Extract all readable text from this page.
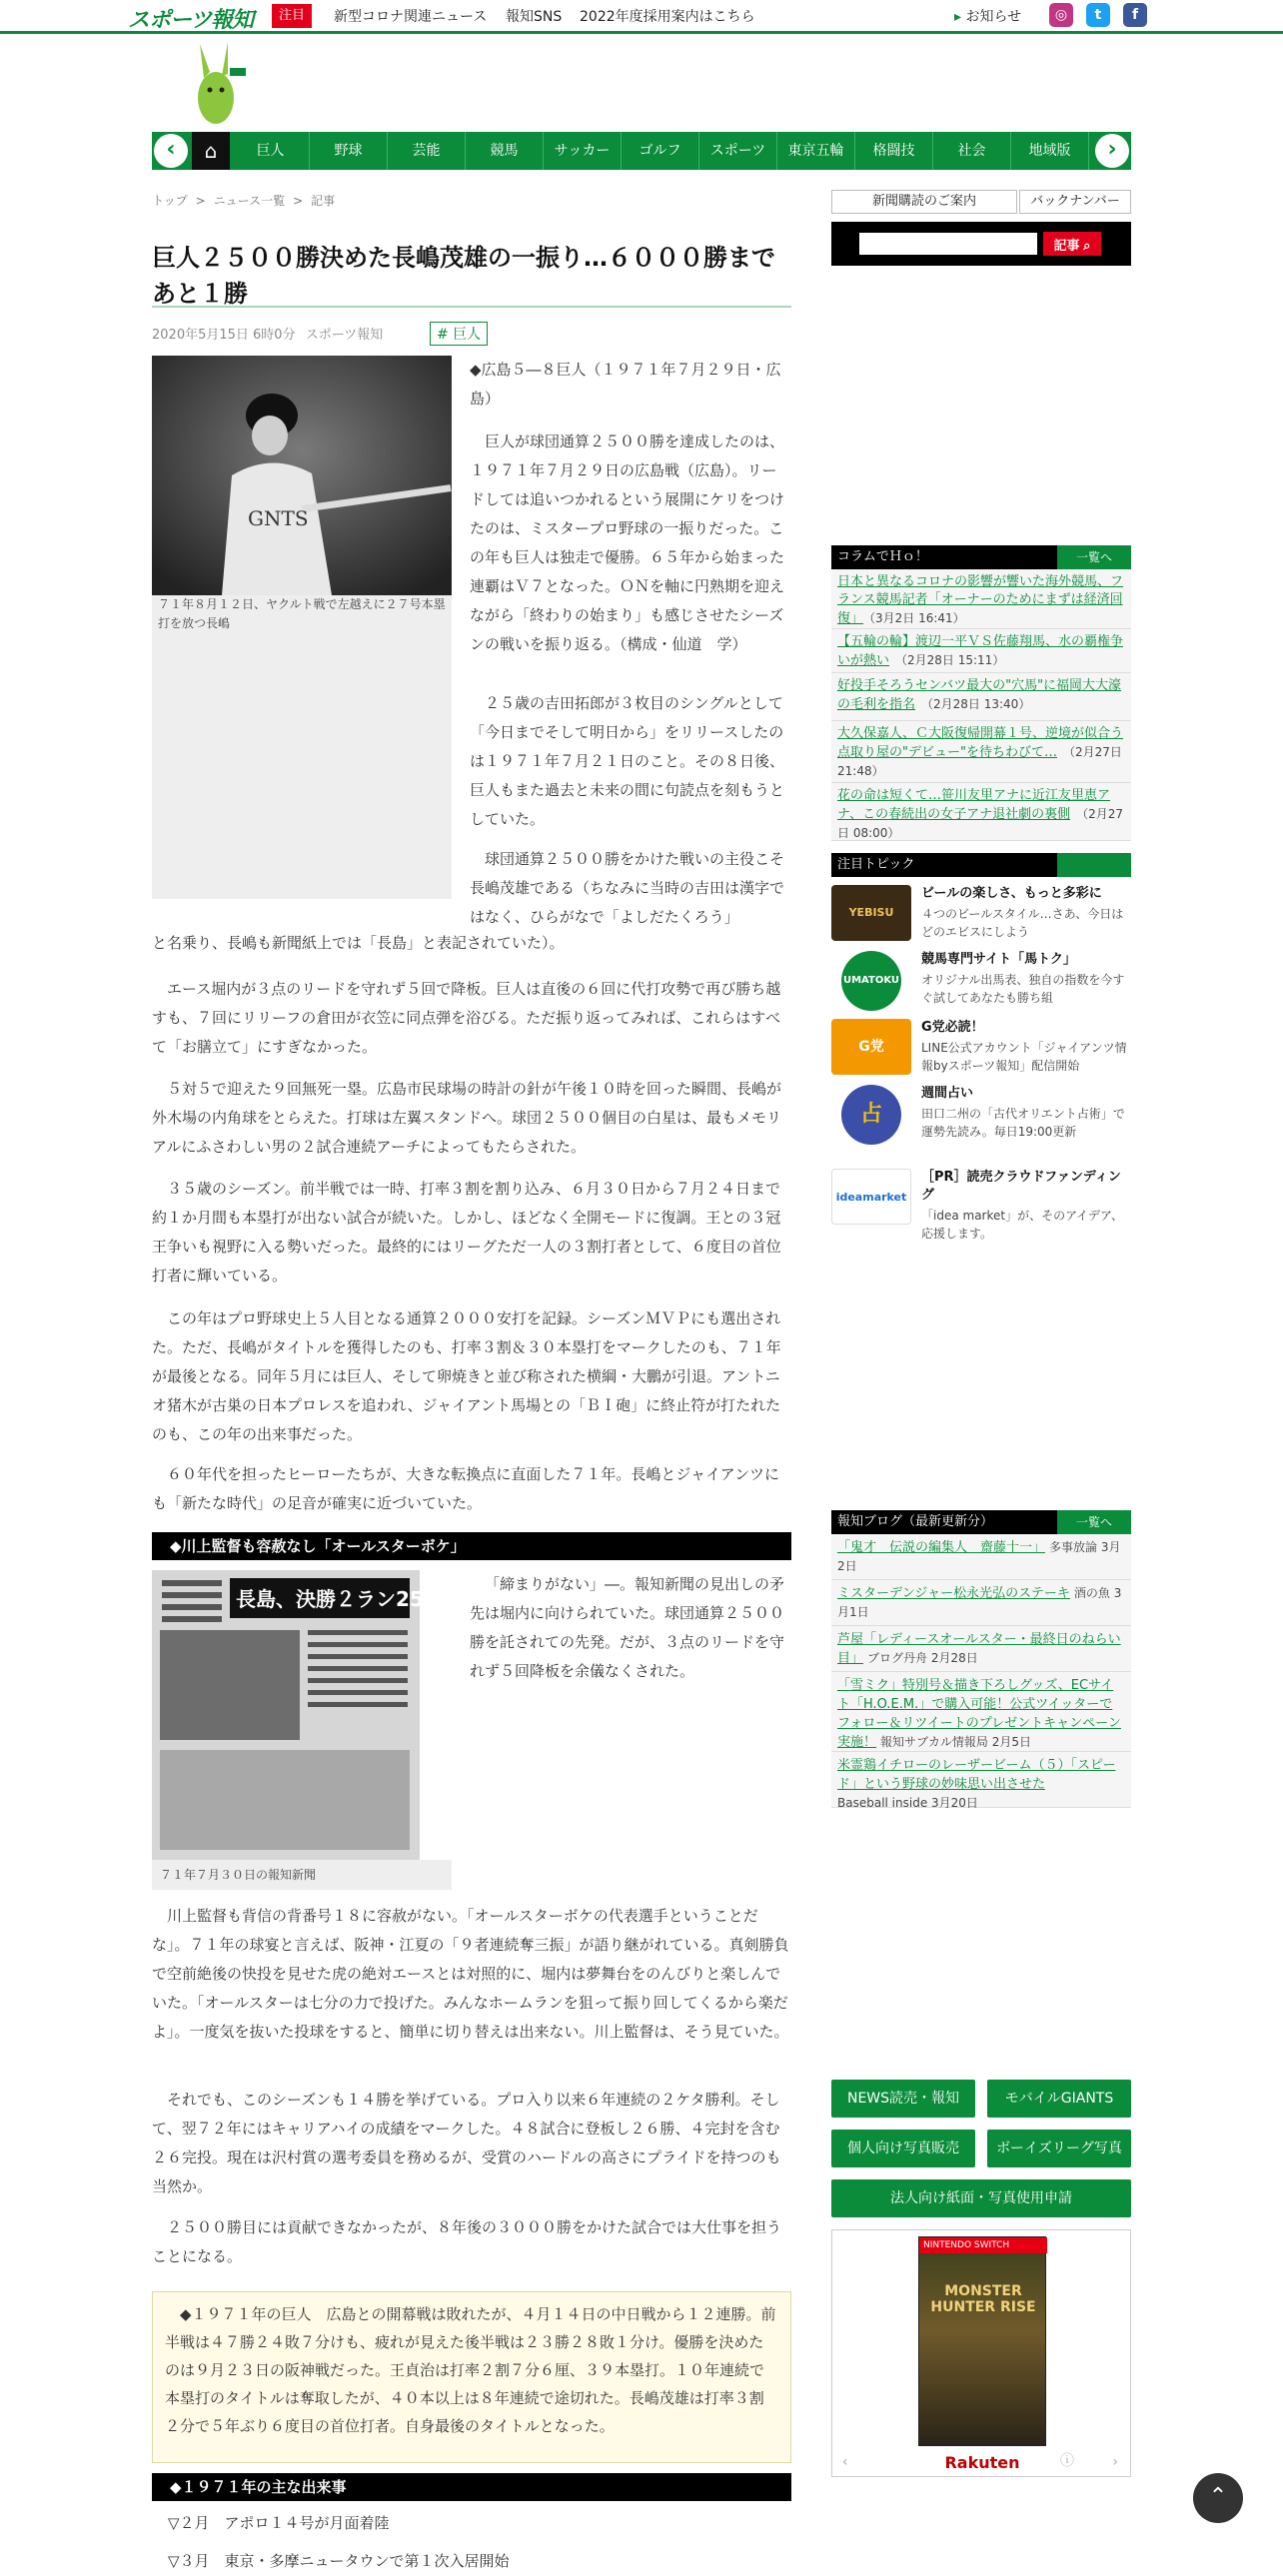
スポーツ報知	注目	新型コロナ関連ニュース 報知SNS 2022年度採用案内はこちら	▸ お知らせ	◎	t	f
‹	⌂	巨人	野球	芸能	競馬	サッカー	ゴルフ	スポーツ	東京五輪	格闘技	社会	地域版	›
トップ > ニュース一覧 > 記事
巨人２５００勝決めた長嶋茂雄の一振り…６０００勝まであと１勝
2020年5月15日 6時0分 スポーツ報知	# 巨人
GNTS
７１年８月１２日、ヤクルト戦で左越えに２７号本塁打を放つ長嶋
◆広島５―８巨人（１９７１年７月２９日・広島）
巨人が球団通算２５００勝を達成したのは、１９７１年７月２９日の広島戦（広島）。リードしては追いつかれるという展開にケリをつけたのは、ミスタープロ野球の一振りだった。この年も巨人は独走で優勝。６５年から始まった連覇はＶ７となった。ＯＮを軸に円熟期を迎えながら「終わりの始まり」も感じさせたシーズンの戦いを振り返る。（構成・仙道　学）
２５歳の吉田拓郎が３枚目のシングルとして「今日までそして明日から」をリリースしたのは１９７１年７月２１日のこと。その８日後、巨人もまた過去と未来の間に句読点を刻もうとしていた。
球団通算２５００勝をかけた戦いの主役こそ長嶋茂雄である（ちなみに当時の吉田は漢字ではなく、ひらがなで「よしだたくろう」
と名乗り、長嶋も新聞紙上では「長島」と表記されていた）。
エース堀内が３点のリードを守れず５回で降板。巨人は直後の６回に代打攻勢で再び勝ち越すも、７回にリリーフの倉田が衣笠に同点弾を浴びる。ただ振り返ってみれば、これらはすべて「お膳立て」にすぎなかった。
５対５で迎えた９回無死一塁。広島市民球場の時計の針が午後１０時を回った瞬間、長嶋が外木場の内角球をとらえた。打球は左翼スタンドへ。球団２５００個目の白星は、最もメモリアルにふさわしい男の２試合連続アーチによってもたらされた。
３５歳のシーズン。前半戦では一時、打率３割を割り込み、６月３０日から７月２４日まで約１か月間も本塁打が出ない試合が続いた。しかし、ほどなく全開モードに復調。王との３冠王争いも視野に入る勢いだった。最終的にはリーグただ一人の３割打者として、６度目の首位打者に輝いている。
この年はプロ野球史上５人目となる通算２０００安打を記録。シーズンＭＶＰにも選出された。ただ、長嶋がタイトルを獲得したのも、打率３割＆３０本塁打をマークしたのも、７１年が最後となる。同年５月には巨人、そして卵焼きと並び称された横綱・大鵬が引退。アントニオ猪木が古巣の日本プロレスを追われ、ジャイアント馬場との「ＢＩ砲」に終止符が打たれたのも、この年の出来事だった。
６０年代を担ったヒーローたちが、大きな転換点に直面した７１年。長嶋とジャイアンツにも「新たな時代」の足音が確実に近づいていた。
◆川上監督も容赦なし「オールスターボケ」
長島、決勝２ラン25号
７１年７月３０日の報知新聞
「締まりがない」―。報知新聞の見出しの矛先は堀内に向けられていた。球団通算２５００勝を託されての先発。だが、３点のリードを守れず５回降板を余儀なくされた。
川上監督も背信の背番号１８に容赦がない。「オールスターボケの代表選手ということだな」。７１年の球宴と言えば、阪神・江夏の「９者連続奪三振」が語り継がれている。真剣勝負で空前絶後の快投を見せた虎の絶対エースとは対照的に、堀内は夢舞台をのんびりと楽しんでいた。「オールスターは七分の力で投げた。みんなホームランを狙って振り回してくるから楽だよ」。一度気を抜いた投球をすると、簡単に切り替えは出来ない。川上監督は、そう見ていた。
それでも、このシーズンも１４勝を挙げている。プロ入り以来６年連続の２ケタ勝利。そして、翌７２年にはキャリアハイの成績をマークした。４８試合に登板し２６勝、４完封を含む２６完投。現在は沢村賞の選考委員を務めるが、受賞のハードルの高さにプライドを持つのも当然か。
２５００勝目には貢献できなかったが、８年後の３０００勝をかけた試合では大仕事を担うことになる。
◆１９７１年の巨人　広島との開幕戦は敗れたが、４月１４日の中日戦から１２連勝。前半戦は４７勝２４敗７分けも、疲れが見えた後半戦は２３勝２８敗１分け。優勝を決めたのは９月２３日の阪神戦だった。王貞治は打率２割７分６厘、３９本塁打。１０年連続で本塁打のタイトルは奪取したが、４０本以上は８年連続で途切れた。長嶋茂雄は打率３割２分で５年ぶり６度目の首位打者。自身最後のタイトルとなった。
◆１９７１年の主な出来事
▽２月　アポロ１４号が月面着陸
▽３月　東京・多摩ニュータウンで第１次入居開始
新聞購読のご案内	バックナンバー
記事 ⌕
コラムでＨｏ！	一覧へ
日本と異なるコロナの影響が響いた海外競馬、フランス競馬記者「オーナーのためにまずは経済回復」 （3月2日 16:41）
【五輪の輪】渡辺一平ＶＳ佐藤翔馬、水の覇権争いが熱い （2月28日 15:11）
好投手そろうセンバツ最大の"穴馬"に福岡大大濠の毛利を指名 （2月28日 13:40）
大久保嘉人、Ｃ大阪復帰開幕１号、逆境が似合う点取り屋の"デビュー"を待ちわびて… （2月27日 21:48）
花の命は短くて…笹川友里アナに近江友里恵アナ、この春続出の女子アナ退社劇の裏側 （2月27日 08:00）
注目トピック
YEBISU
ビールの楽しさ、もっと多彩に
４つのビールスタイル…さあ、今日はどのエビスにしよう
UMATOKU
競馬専門サイト「馬トク」
オリジナル出馬表、独自の指数を今すぐ試してあなたも勝ち組
G党
G党必読！
LINE公式アカウント「ジャイアンツ情報byスポーツ報知」配信開始
占
週間占い
田口二州の「古代オリエント占術」で運勢先読み。毎日19:00更新
ideamarket
［PR］読売クラウドファンディング
「idea market」が、そのアイデア、応援します。
報知ブログ（最新更新分）	一覧へ
「鬼才　伝説の編集人　齋藤十一」 多事放論 3月2日
ミスターデンジャー松永光弘のステーキ 酒の魚 3月1日
芦屋「レディースオールスター・最終日のねらい目」 ブログ丹舟 2月28日
「雪ミク」特別号＆描き下ろしグッズ、ECサイト「H.O.E.M.」で購入可能！公式ツイッターでフォロー＆リツイートのプレゼントキャンペーン実施！ 報知サブカル情報局 2月5日
米霊鶏イチローのレーザービーム（５）「スピード」という野球の妙味思い出させた
Baseball inside 3月20日
NEWS読売・報知	モバイルGIANTS
個人向け写真販売	ボーイズリーグ写真
法人向け紙面・写真使用申請
NINTENDO SWITCH
MONSTER HUNTER RISE
‹	Rakuten	ⓘ	›
⌃
